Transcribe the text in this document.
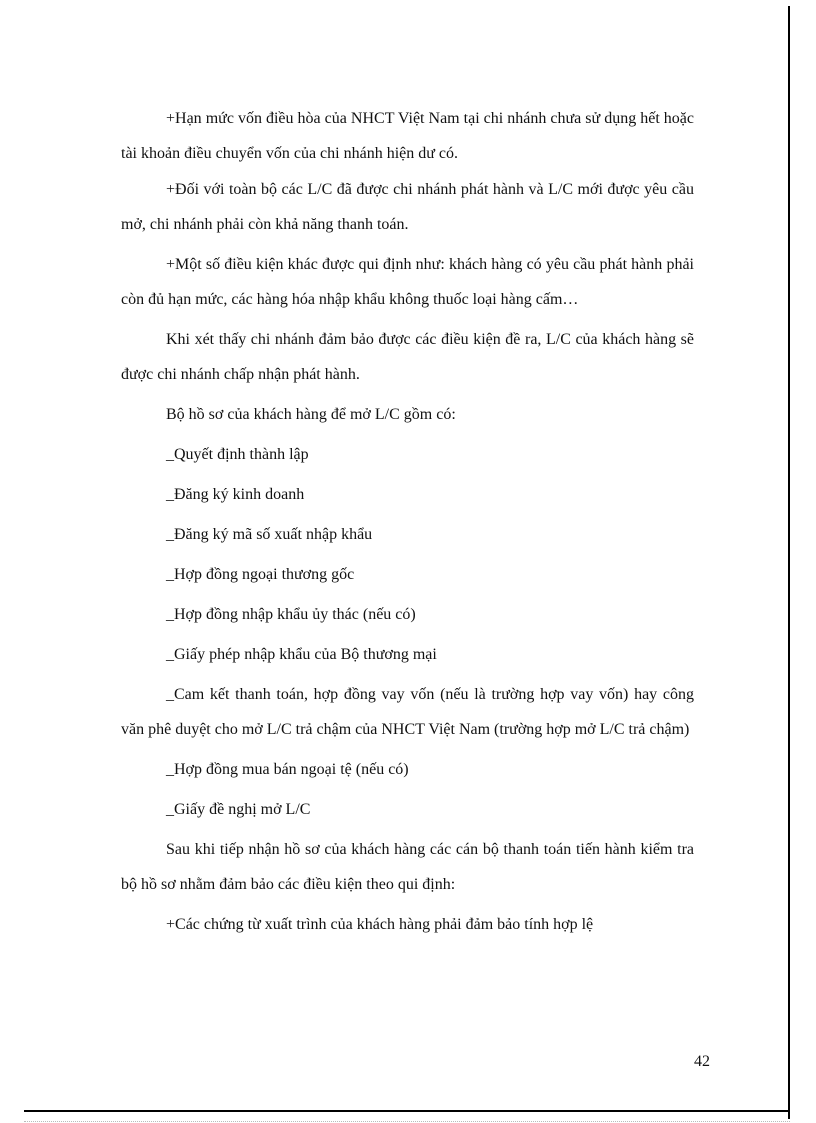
+Hạn mức vốn điều hòa của NHCT Việt Nam tại chi nhánh chưa sử dụng hết hoặc tài khoản điều chuyển vốn của chi nhánh hiện dư có.

+Đối với toàn bộ các L/C đã được chi nhánh phát hành và L/C mới được yêu cầu mở, chi nhánh phải còn khả năng thanh toán.

+Một số điều kiện khác được qui định như: khách hàng có yêu cầu phát hành phải còn đủ hạn mức, các hàng hóa nhập khẩu không thuốc loại hàng cấm…

Khi xét thấy chi nhánh đảm bảo được các điều kiện đề ra, L/C của khách hàng sẽ được chi nhánh chấp nhận phát hành.

Bộ hồ sơ của khách hàng để mở L/C gồm có:

_Quyết định thành lập

_Đăng ký kinh doanh

_Đăng ký mã số xuất nhập khẩu

_Hợp đồng ngoại thương gốc

_Hợp đồng nhập khẩu ủy thác (nếu có)

_Giấy phép nhập khẩu của Bộ thương mại

_Cam kết thanh toán, hợp đồng vay vốn (nếu là trường hợp vay vốn) hay công văn phê duyệt cho mở L/C trả chậm của NHCT Việt Nam (trường hợp mở L/C trả chậm)

_Hợp đồng mua bán ngoại tệ (nếu có)

_Giấy đề nghị mở L/C

Sau khi tiếp nhận hồ sơ của khách hàng các cán bộ thanh toán tiến hành kiểm tra bộ hồ sơ nhằm đảm bảo các điều kiện theo qui định:

+Các chứng từ xuất trình của khách hàng phải đảm bảo tính hợp lệ

42
